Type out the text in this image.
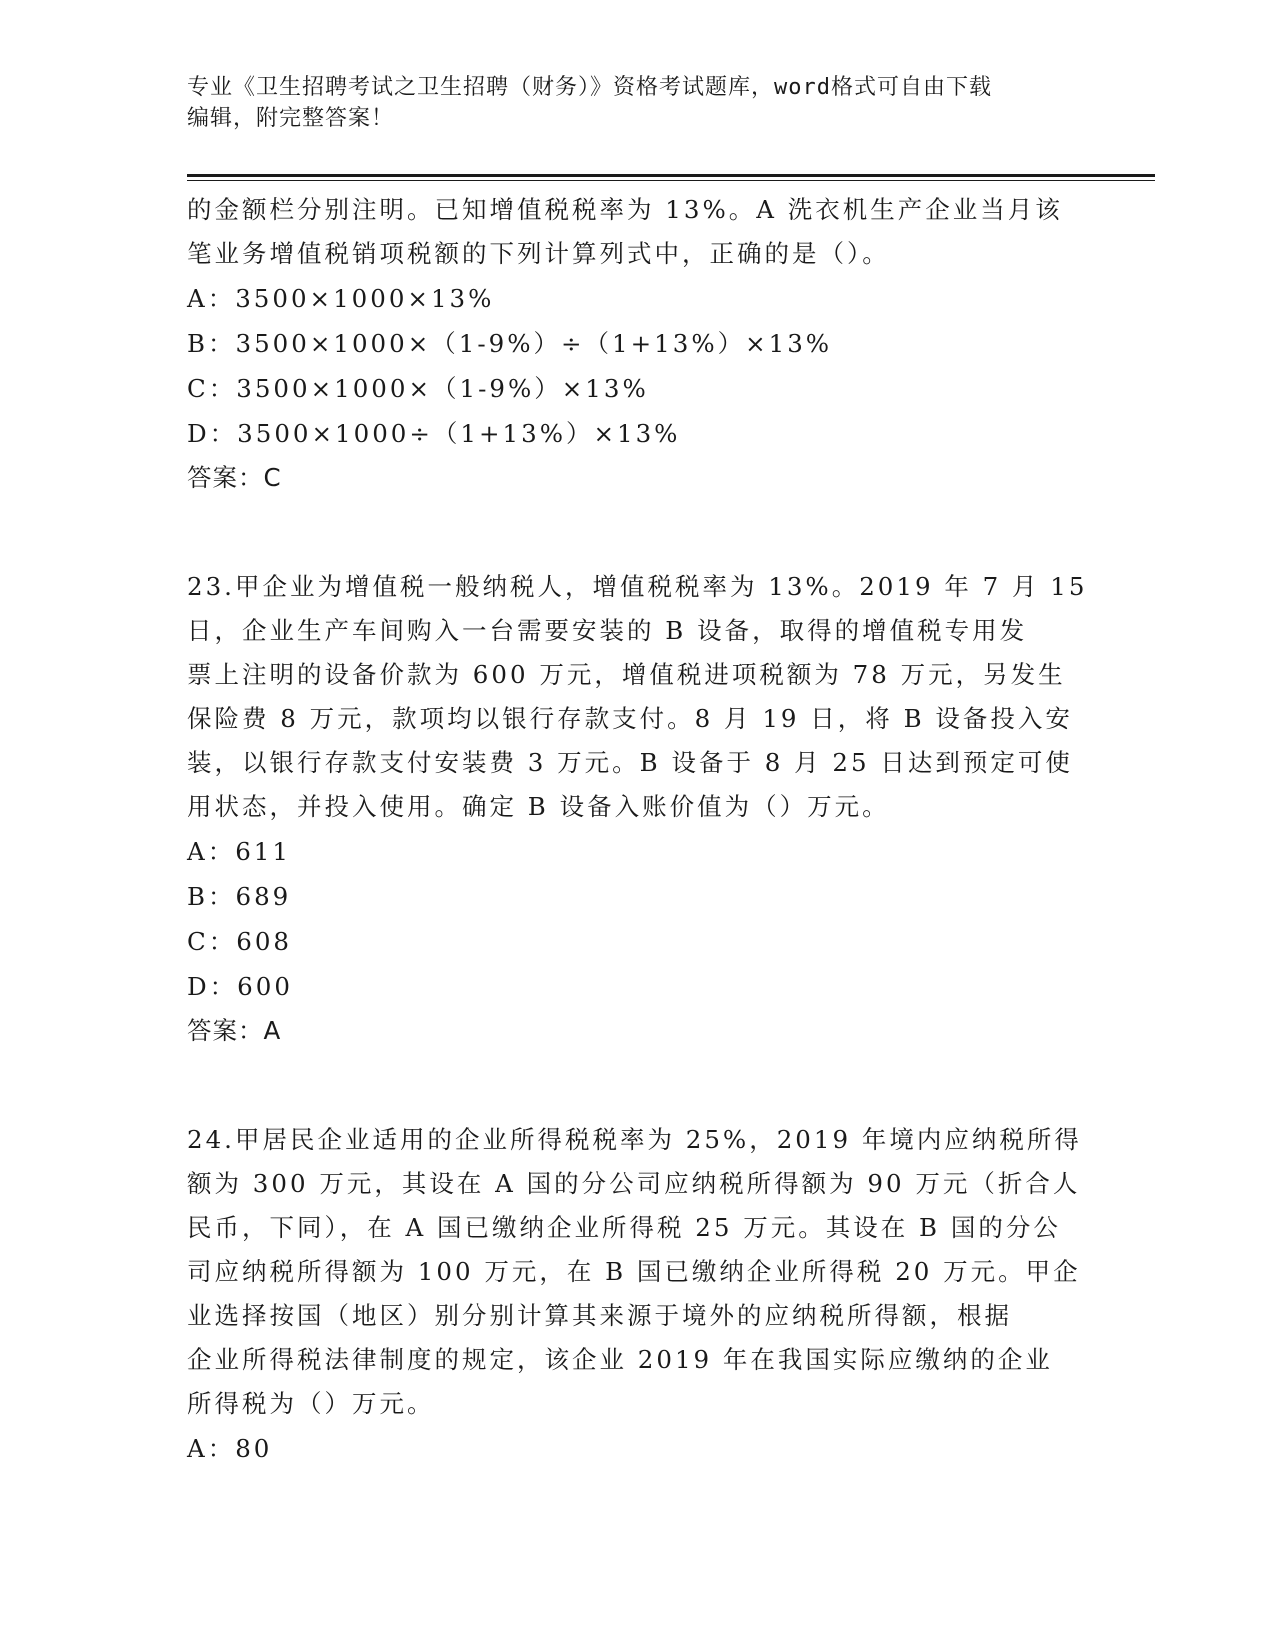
专业《卫生招聘考试之卫生招聘（财务）》资格考试题库，word格式可自由下载
编辑，附完整答案！
的金额栏分别注明。已知增值税税率为 13%。A 洗衣机生产企业当月该
笔业务增值税销项税额的下列计算列式中，正确的是（）。
A：3500×1000×13%
B：3500×1000×（1-9%）÷（1+13%）×13%
C：3500×1000×（1-9%）×13%
D：3500×1000÷（1+13%）×13%
答案：C
23.甲企业为增值税一般纳税人，增值税税率为 13%。2019 年 7 月 15
日，企业生产车间购入一台需要安装的 B 设备，取得的增值税专用发
票上注明的设备价款为 600 万元，增值税进项税额为 78 万元，另发生
保险费 8 万元，款项均以银行存款支付。8 月 19 日，将 B 设备投入安
装，以银行存款支付安装费 3 万元。B 设备于 8 月 25 日达到预定可使
用状态，并投入使用。确定 B 设备入账价值为（）万元。
A：611
B：689
C：608
D：600
答案：A
24.甲居民企业适用的企业所得税税率为 25%，2019 年境内应纳税所得
额为 300 万元，其设在 A 国的分公司应纳税所得额为 90 万元（折合人
民币，下同），在 A 国已缴纳企业所得税 25 万元。其设在 B 国的分公
司应纳税所得额为 100 万元，在 B 国已缴纳企业所得税 20 万元。甲企
业选择按国（地区）别分别计算其来源于境外的应纳税所得额，根据
企业所得税法律制度的规定，该企业 2019 年在我国实际应缴纳的企业
所得税为（）万元。
A：80
